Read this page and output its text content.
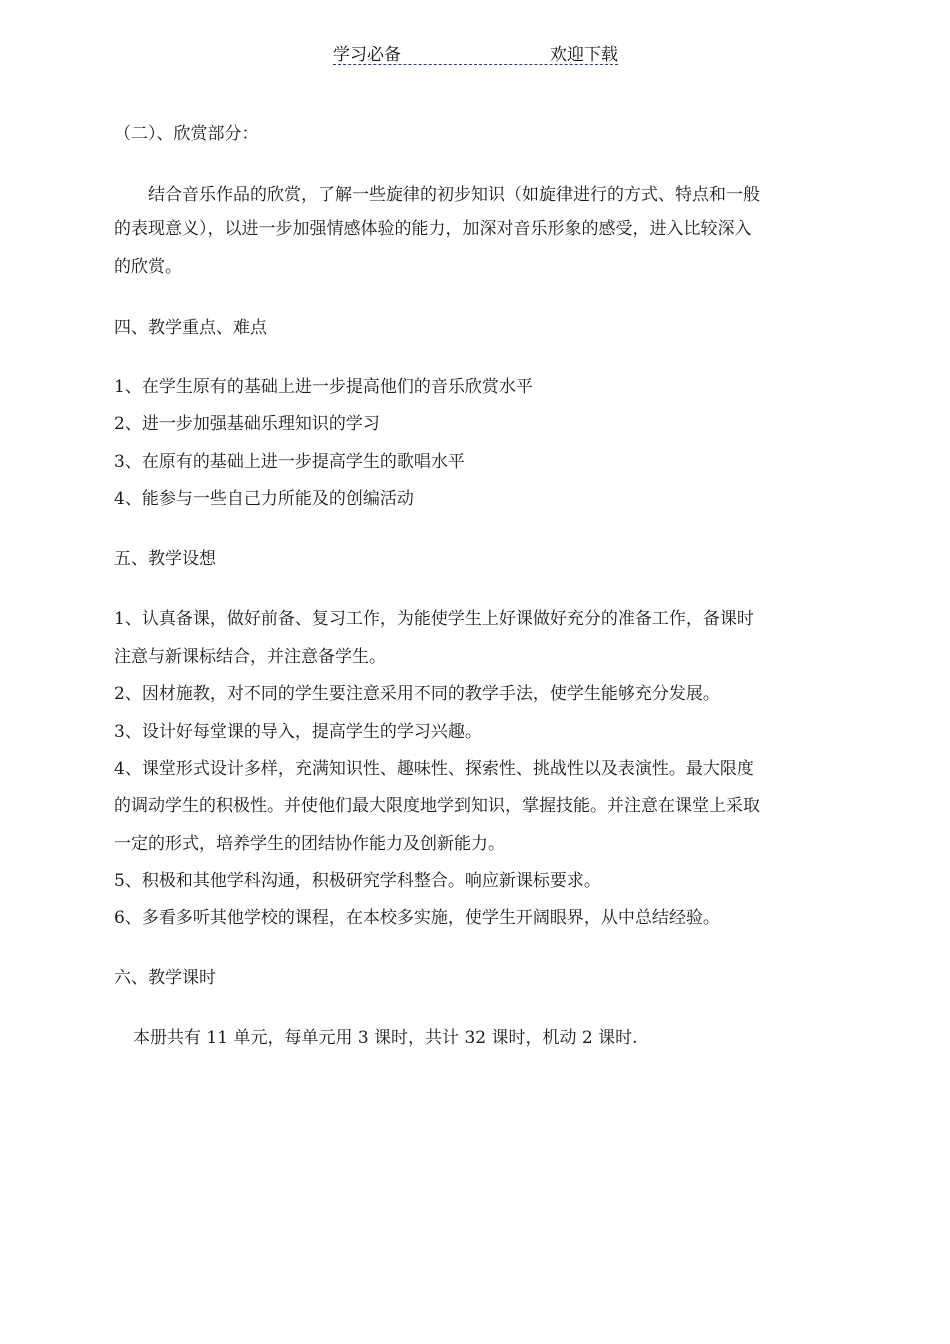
学习必备	欢迎下载
（二）、欣赏部分：
结合音乐作品的欣赏，了解一些旋律的初步知识（如旋律进行的方式、特点和一般
的表现意义），以进一步加强情感体验的能力，加深对音乐形象的感受，进入比较深入
的欣赏。
四、教学重点、难点
1、在学生原有的基础上进一步提高他们的音乐欣赏水平
2、进一步加强基础乐理知识的学习
3、在原有的基础上进一步提高学生的歌唱水平
4、能参与一些自己力所能及的创编活动
五、教学设想
1、认真备课，做好前备、复习工作，为能使学生上好课做好充分的准备工作，备课时
注意与新课标结合，并注意备学生。
2、因材施教，对不同的学生要注意采用不同的教学手法，使学生能够充分发展。
3、设计好每堂课的导入，提高学生的学习兴趣。
4、课堂形式设计多样，充满知识性、趣味性、探索性、挑战性以及表演性。最大限度
的调动学生的积极性。并使他们最大限度地学到知识，掌握技能。并注意在课堂上采取
一定的形式，培养学生的团结协作能力及创新能力。
5、积极和其他学科沟通，积极研究学科整合。响应新课标要求。
6、多看多听其他学校的课程，在本校多实施，使学生开阔眼界，从中总结经验。
六、教学课时
本册共有 11 单元，每单元用 3 课时，共计 32 课时，机动 2 课时.
